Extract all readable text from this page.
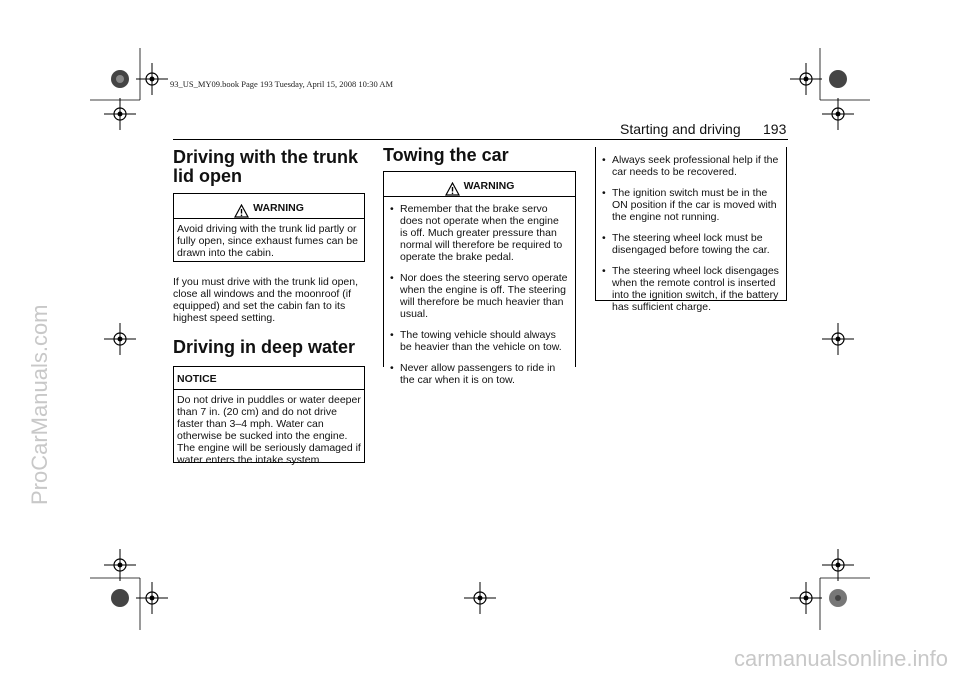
93_US_MY09.book Page 193 Tuesday, April 15, 2008 10:30 AM
ProCarManuals.com
carmanualsonline.info
Starting and driving 193
Driving with the trunk lid open
WARNING
Avoid driving with the trunk lid partly or fully open, since exhaust fumes can be drawn into the cabin.
If you must drive with the trunk lid open, close all windows and the moonroof (if equipped) and set the cabin fan to its highest speed setting.
Driving in deep water
NOTICE
Do not drive in puddles or water deeper than 7 in. (20 cm) and do not drive faster than 3–4 mph. Water can otherwise be sucked into the engine. The engine will be seriously damaged if water enters the intake system.
Towing the car
WARNING
• Remember that the brake servo does not operate when the engine is off. Much greater pressure than normal will therefore be required to operate the brake pedal.
• Nor does the steering servo operate when the engine is off. The steering will therefore be much heavier than usual.
• The towing vehicle should always be heavier than the vehicle on tow.
• Never allow passengers to ride in the car when it is on tow.
• Always seek professional help if the car needs to be recovered.
• The ignition switch must be in the ON position if the car is moved with the engine not running.
• The steering wheel lock must be disengaged before towing the car.
• The steering wheel lock disengages when the remote control is inserted into the ignition switch, if the battery has sufficient charge.
